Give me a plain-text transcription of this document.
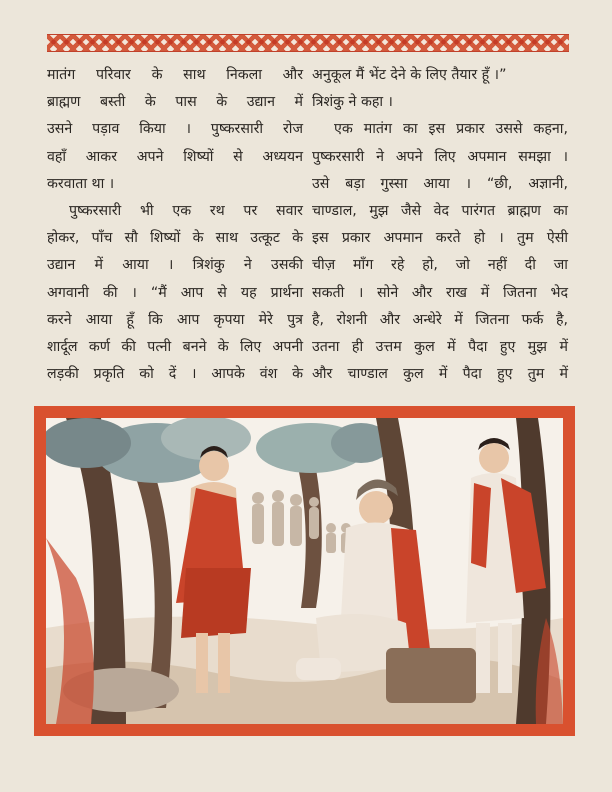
मातंग परिवार के साथ निकला और

ब्राह्मण बस्ती के पास के उद्यान में

उसने पड़ाव किया । पुष्करसारी रोज

वहाँ आकर अपने शिष्यों से अध्ययन

करवाता था ।

पुष्करसारी भी एक रथ पर सवार

होकर, पाँच सौ शिष्यों के साथ उत्कूट के

उद्यान में आया । त्रिशंकु ने उसकी

अगवानी की । “मैं आप से यह प्रार्थना

करने आया हूँ कि आप कृपया मेरे पुत्र

शार्दूल कर्ण की पत्नी बनने के लिए अपनी

लड़की प्रकृति को दें । आपके वंश के

अनुकूल मैं भेंट देने के लिए तैयार हूँ ।”

त्रिशंकु ने कहा ।

एक मातंग का इस प्रकार उससे कहना,

पुष्करसारी ने अपने लिए अपमान समझा ।

उसे बड़ा गुस्सा आया । “छी, अज्ञानी,

चाण्डाल, मुझ जैसे वेद पारंगत ब्राह्मण का

इस प्रकार अपमान करते हो । तुम ऐसी

चीज़ माँग रहे हो, जो नहीं दी जा

सकती । सोने और राख में जितना भेद

है, रोशनी और अन्धेरे में जितना फर्क है,

उतना ही उत्तम कुल में पैदा हुए मुझ में

और चाण्डाल कुल में पैदा हुए तुम में
